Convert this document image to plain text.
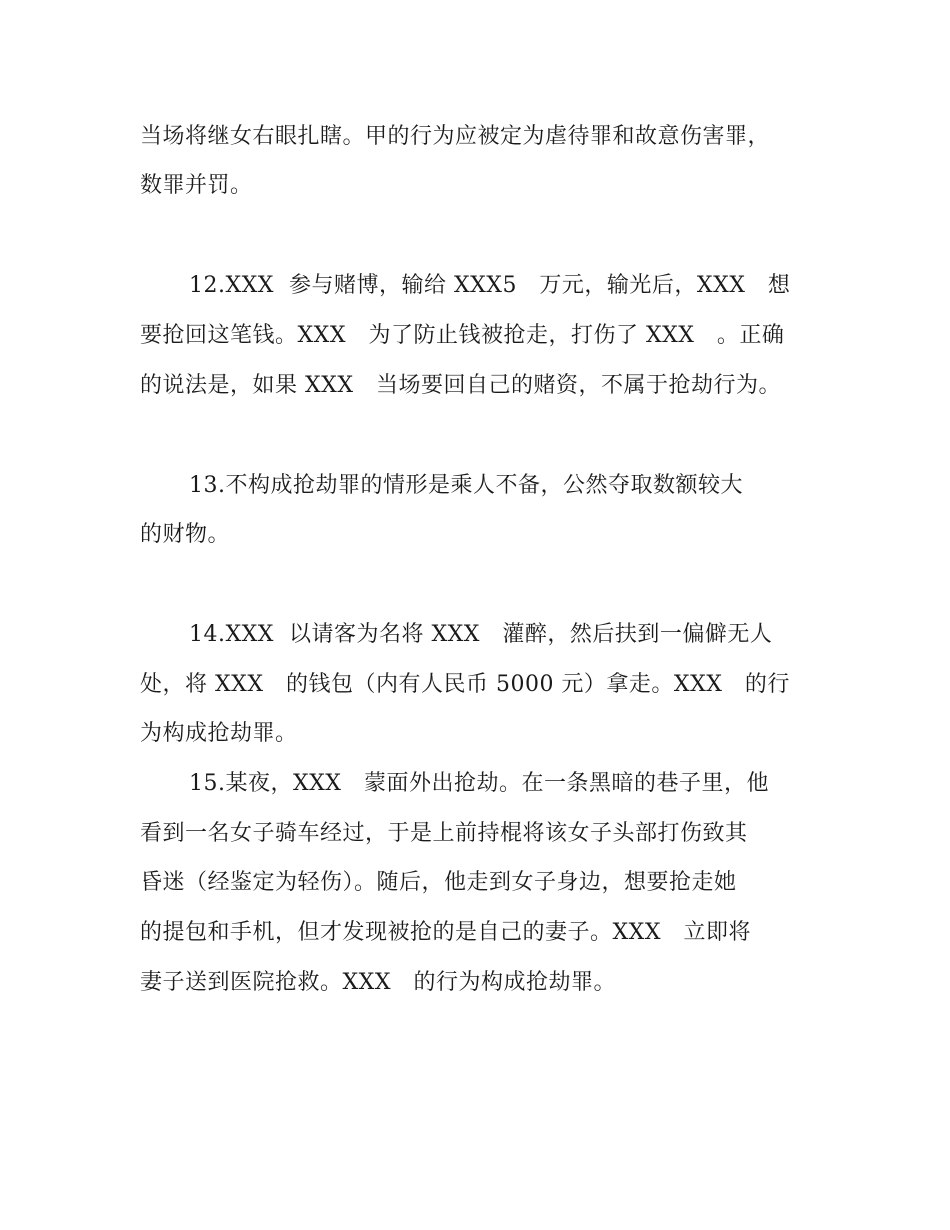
当场将继女右眼扎瞎。甲的行为应被定为虐待罪和故意伤害罪，
数罪并罚。
12.XXX  参与赌博，输给 XXX5   万元，输光后，XXX   想
要抢回这笔钱。XXX   为了防止钱被抢走，打伤了 XXX   。正确
的说法是，如果 XXX   当场要回自己的赌资，不属于抢劫行为。
13.不构成抢劫罪的情形是乘人不备，公然夺取数额较大
的财物。
14.XXX  以请客为名将 XXX   灌醉，然后扶到一偏僻无人
处，将 XXX   的钱包（内有人民币 5000 元）拿走。XXX   的行
为构成抢劫罪。
15.某夜，XXX   蒙面外出抢劫。在一条黑暗的巷子里，他
看到一名女子骑车经过，于是上前持棍将该女子头部打伤致其
昏迷（经鉴定为轻伤）。随后，他走到女子身边，想要抢走她
的提包和手机，但才发现被抢的是自己的妻子。XXX   立即将
妻子送到医院抢救。XXX   的行为构成抢劫罪。
